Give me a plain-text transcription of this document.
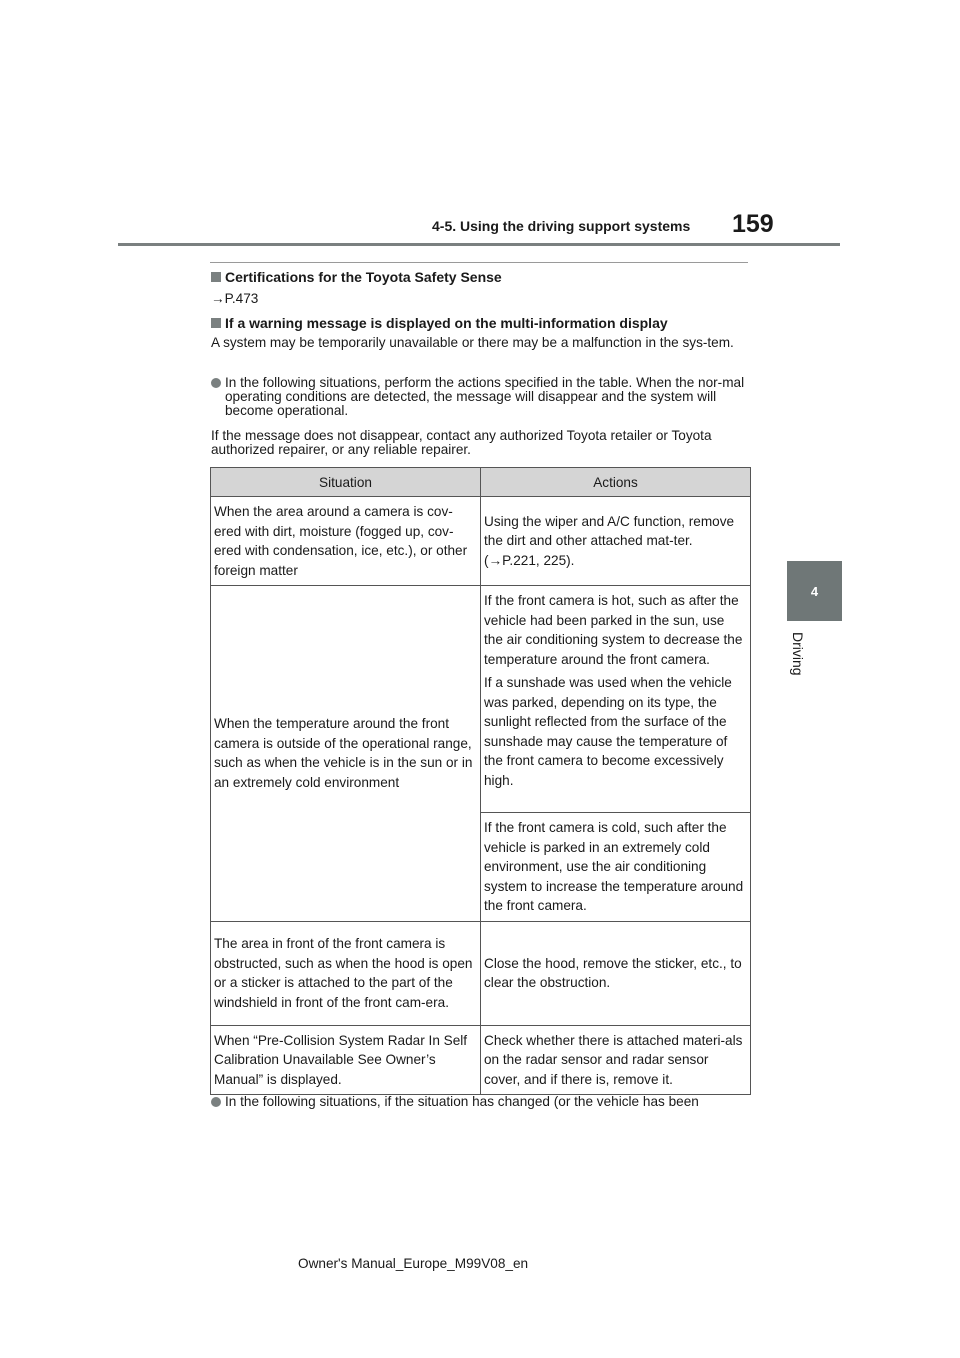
4-5. Using the driving support systems 159
4
Driving
Certifications for the Toyota Safety Sense
→P.473
If a warning message is displayed on the multi-information display
A system may be temporarily unavailable or there may be a malfunction in the sys-tem.
In the following situations, perform the actions specified in the table. When the nor-mal operating conditions are detected, the message will disappear and the system will become operational.
If the message does not disappear, contact any authorized Toyota retailer or Toyota authorized repairer, or any reliable repairer.
Situation	Actions
When the area around a camera is cov-ered with dirt, moisture (fogged up, cov-ered with condensation, ice, etc.), or other foreign matter	Using the wiper and A/C function, remove the dirt and other attached mat-ter. (→P.221, 225).
When the temperature around the front camera is outside of the operational range, such as when the vehicle is in the sun or in an extremely cold environment	If the front camera is hot, such as after the vehicle had been parked in the sun, use the air conditioning system to decrease the temperature around the front camera.

If a sunshade was used when the vehicle was parked, depending on its type, the sunlight reflected from the surface of the sunshade may cause the temperature of the front camera to become excessively high.

	If the front camera is cold, such after the vehicle is parked in an extremely cold environment, use the air conditioning system to increase the temperature around the front camera.
The area in front of the front camera is obstructed, such as when the hood is open or a sticker is attached to the part of the windshield in front of the front cam-era.	Close the hood, remove the sticker, etc., to clear the obstruction.
When “Pre-Collision System Radar In Self Calibration Unavailable See Owner’s Manual” is displayed.	Check whether there is attached materi-als on the radar sensor and radar sensor cover, and if there is, remove it.
In the following situations, if the situation has changed (or the vehicle has been
Owner's Manual_Europe_M99V08_en
